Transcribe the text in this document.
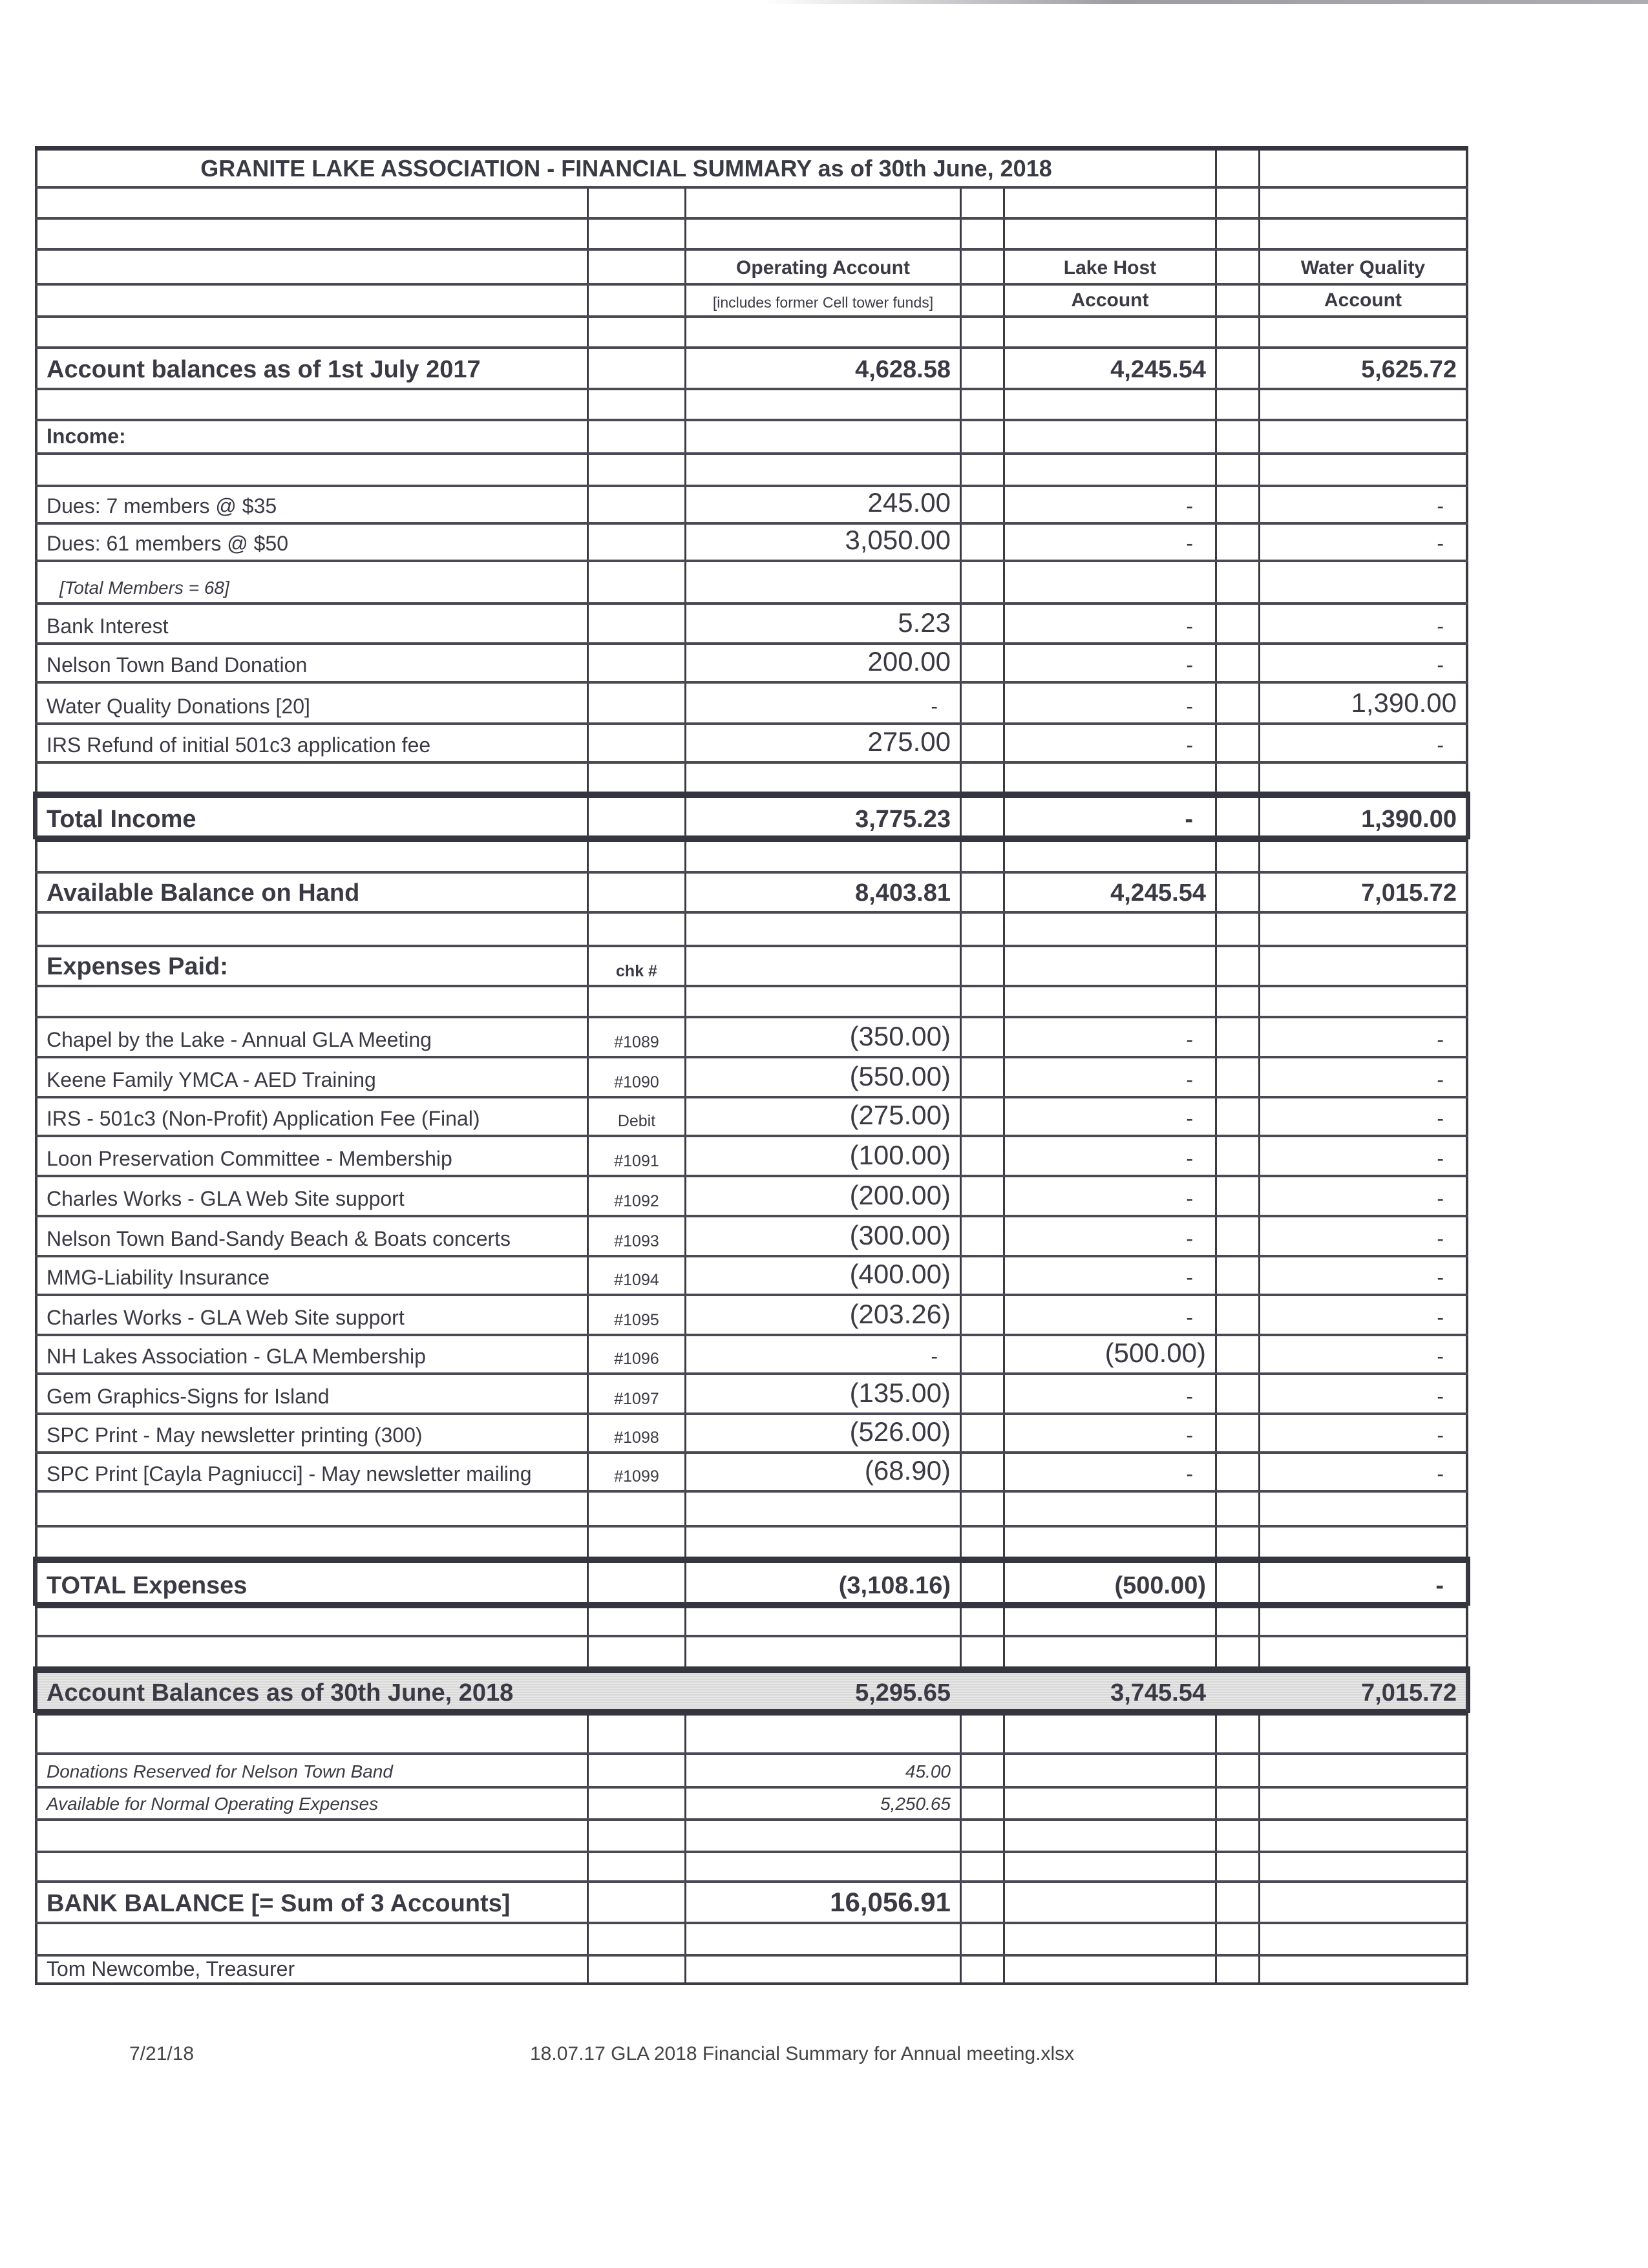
GRANITE LAKE ASSOCIATION - FINANCIAL SUMMARY as of 30th June, 2018
Operating Account	Lake Host	Water Quality
[includes former Cell tower funds]	Account	Account
Account balances as of 1st July 2017	4,628.58	4,245.54	5,625.72
Income:
Dues: 7 members @ $35	245.00	-	-
Dues: 61 members @ $50	3,050.00	-	-
[Total Members = 68]
Bank Interest	5.23	-	-
Nelson Town Band Donation	200.00	-	-
Water Quality Donations [20]	-	-	1,390.00
IRS Refund of initial 501c3 application fee	275.00	-	-
Total Income	3,775.23	-	1,390.00
Available Balance on Hand	8,403.81	4,245.54	7,015.72
Expenses Paid:	chk #
Chapel by the Lake - Annual GLA Meeting	#1089	(350.00)	-	-
Keene Family YMCA - AED Training	#1090	(550.00)	-	-
IRS - 501c3 (Non-Profit) Application Fee (Final)	Debit	(275.00)	-	-
Loon Preservation Committee - Membership	#1091	(100.00)	-	-
Charles Works - GLA Web Site support	#1092	(200.00)	-	-
Nelson Town Band-Sandy Beach & Boats concerts	#1093	(300.00)	-	-
MMG-Liability Insurance	#1094	(400.00)	-	-
Charles Works - GLA Web Site support	#1095	(203.26)	-	-
NH Lakes Association - GLA Membership	#1096	-	(500.00)	-
Gem Graphics-Signs for Island	#1097	(135.00)	-	-
SPC Print - May newsletter printing (300)	#1098	(526.00)	-	-
SPC Print [Cayla Pagniucci] - May newsletter mailing	#1099	(68.90)	-	-
TOTAL Expenses	(3,108.16)	(500.00)	-
Account Balances as of 30th June, 2018	5,295.65	3,745.54	7,015.72
Donations Reserved for Nelson Town Band	45.00
Available for Normal Operating Expenses	5,250.65
BANK BALANCE [= Sum of 3 Accounts]	16,056.91
Tom Newcombe, Treasurer
7/21/18	18.07.17 GLA 2018 Financial Summary for Annual meeting.xlsx
